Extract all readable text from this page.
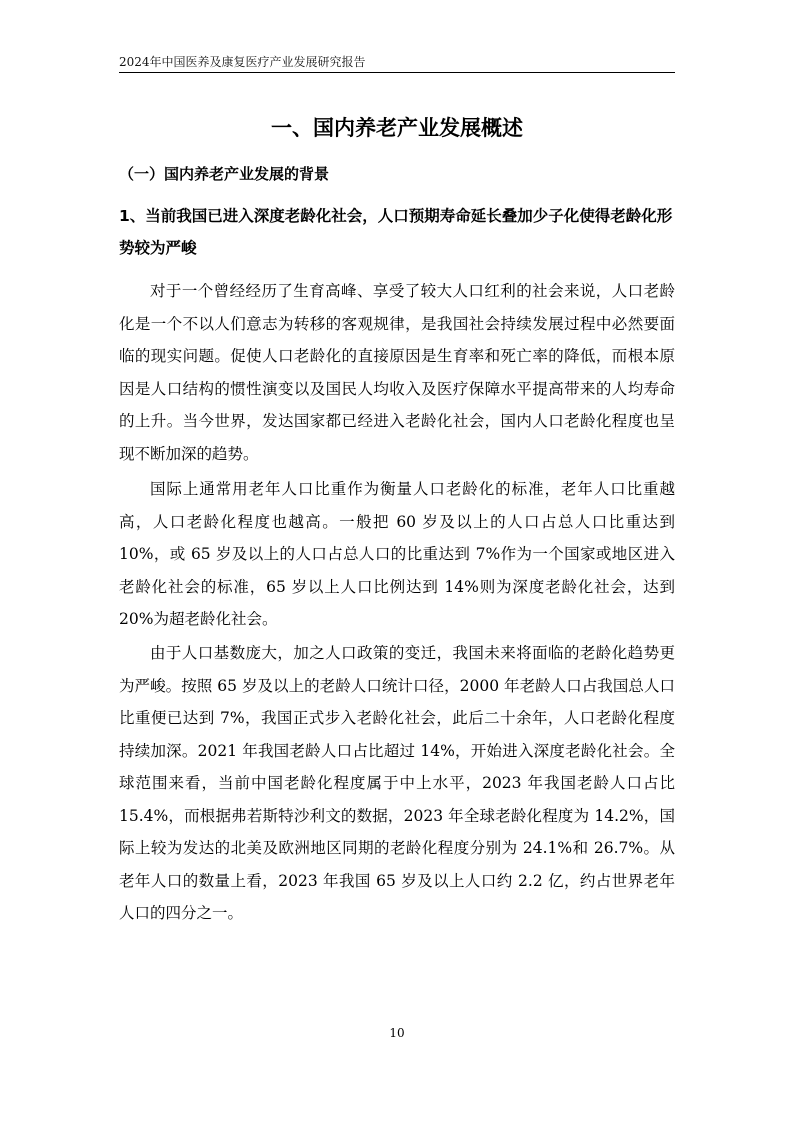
2024年中国医养及康复医疗产业发展研究报告
一、国内养老产业发展概述
（一）国内养老产业发展的背景
1、当前我国已进入深度老龄化社会，人口预期寿命延长叠加少子化使得老龄化形势较为严峻

对于一个曾经经历了生育高峰、享受了较大人口红利的社会来说，人口老龄化是一个不以人们意志为转移的客观规律，是我国社会持续发展过程中必然要面临的现实问题。促使人口老龄化的直接原因是生育率和死亡率的降低，而根本原因是人口结构的惯性演变以及国民人均收入及医疗保障水平提高带来的人均寿命的上升。当今世界，发达国家都已经进入老龄化社会，国内人口老龄化程度也呈现不断加深的趋势。

国际上通常用老年人口比重作为衡量人口老龄化的标准，老年人口比重越高，人口老龄化程度也越高。一般把 60 岁及以上的人口占总人口比重达到 10%，或 65 岁及以上的人口占总人口的比重达到 7%作为一个国家或地区进入老龄化社会的标准，65 岁以上人口比例达到 14%则为深度老龄化社会，达到 20%为超老龄化社会。

由于人口基数庞大，加之人口政策的变迁，我国未来将面临的老龄化趋势更为严峻。按照 65 岁及以上的老龄人口统计口径，2000 年老龄人口占我国总人口比重便已达到 7%，我国正式步入老龄化社会，此后二十余年，人口老龄化程度持续加深。2021 年我国老龄人口占比超过 14%，开始进入深度老龄化社会。全球范围来看，当前中国老龄化程度属于中上水平，2023 年我国老龄人口占比 15.4%，而根据弗若斯特沙利文的数据，2023 年全球老龄化程度为 14.2%，国际上较为发达的北美及欧洲地区同期的老龄化程度分别为 24.1%和 26.7%。从老年人口的数量上看，2023 年我国 65 岁及以上人口约 2.2 亿，约占世界老年人口的四分之一。

10
